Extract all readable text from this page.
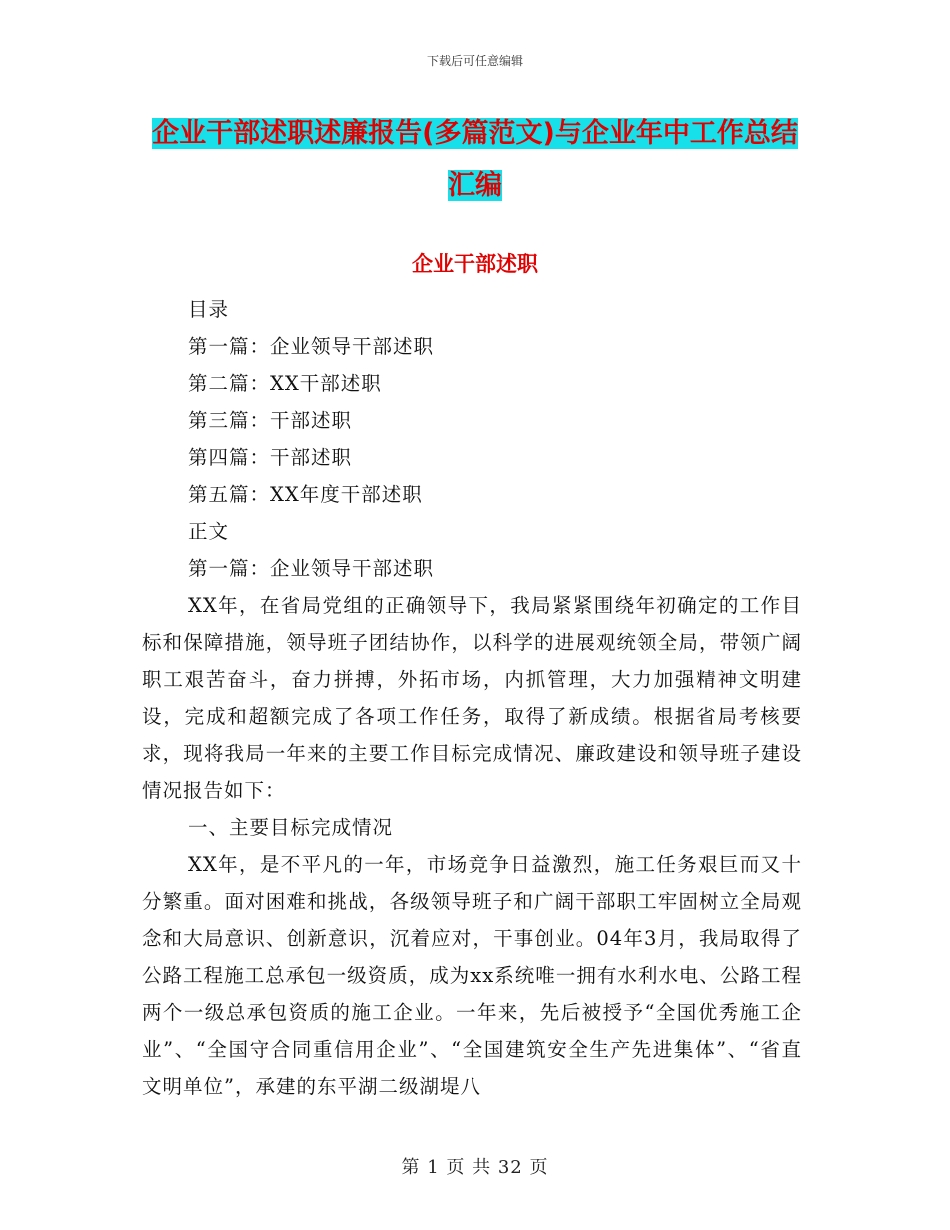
下载后可任意编辑
企业干部述职述廉报告(多篇范文)与企业年中工作总结汇编
企业干部述职
目录
第一篇：企业领导干部述职
第二篇：XX干部述职
第三篇：干部述职
第四篇：干部述职
第五篇：XX年度干部述职
正文
第一篇：企业领导干部述职

XX年，在省局党组的正确领导下，我局紧紧围绕年初确定的工作目标和保障措施，领导班子团结协作，以科学的进展观统领全局，带领广阔职工艰苦奋斗，奋力拼搏，外拓市场，内抓管理，大力加强精神文明建设，完成和超额完成了各项工作任务，取得了新成绩。根据省局考核要求，现将我局一年来的主要工作目标完成情况、廉政建设和领导班子建设情况报告如下：

一、主要目标完成情况

XX年，是不平凡的一年，市场竞争日益激烈，施工任务艰巨而又十分繁重。面对困难和挑战，各级领导班子和广阔干部职工牢固树立全局观念和大局意识、创新意识，沉着应对，干事创业。04年3月，我局取得了公路工程施工总承包一级资质，成为xx系统唯一拥有水利水电、公路工程两个一级总承包资质的施工企业。一年来，先后被授予“全国优秀施工企业”、“全国守合同重信用企业”、“全国建筑安全生产先进集体”、“省直文明单位”，承建的东平湖二级湖堤八

第 1 页 共 32 页
